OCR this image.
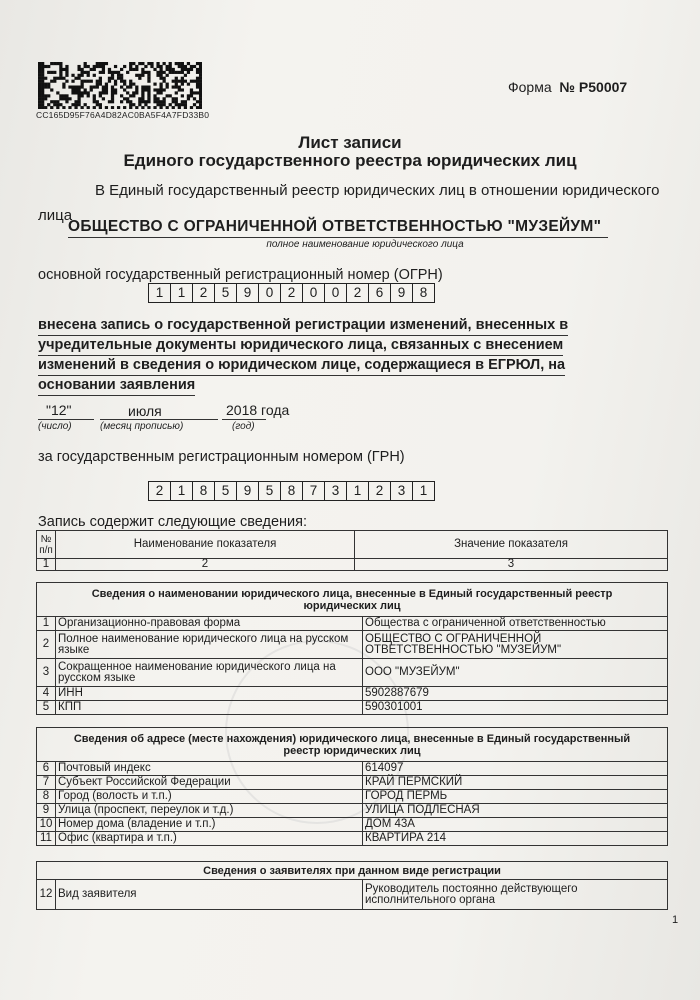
CC165D95F76A4D82AC0BA5F4A7FD33B0
Форма № Р50007
Лист записи
Единого государственного реестра юридических лиц
В Единый государственный реестр юридических лиц в отношении юридического
лица
ОБЩЕСТВО С ОГРАНИЧЕННОЙ ОТВЕТСТВЕННОСТЬЮ "МУЗЕЙУМ"
полное наименование юридического лица
основной государственный регистрационный номер (ОГРН)
1	1	2	5	9	0	2	0	0	2	6	9	8
внесена запись о государственной регистрации изменений, внесенных в
учредительные документы юридического лица, связанных с внесением
изменений в сведения о юридическом лице, содержащиеся в ЕГРЮЛ, на
основании заявления
"12"	июля	2018 года
(число)	(месяц прописью)	(год)
за государственным регистрационным номером (ГРН)
2	1	8	5	9	5	8	7	3	1	2	3	1
Запись содержит следующие сведения:
№
п/п	Наименование показателя	Значение показателя
1	2	3
Сведения о наименовании юридического лица, внесенные в Единый государственный реестр
юридических лиц		
1	Организационно-правовая форма	Общества с ограниченной ответственностью
2	Полное наименование юридического лица на русском языке	ОБЩЕСТВО С ОГРАНИЧЕННОЙ ОТВЕТСТВЕННОСТЬЮ "МУЗЕЙУМ"
3	Сокращенное наименование юридического лица на русском языке	ООО "МУЗЕЙУМ"
4	ИНН	5902887679
5	КПП	590301001
Сведения об адресе (месте нахождения) юридического лица, внесенные в Единый государственный
реестр юридических лиц		
6	Почтовый индекс	614097
7	Субъект Российской Федерации	КРАЙ ПЕРМСКИЙ
8	Город (волость и т.п.)	ГОРОД ПЕРМЬ
9	Улица (проспект, переулок и т.д.)	УЛИЦА ПОДЛЕСНАЯ
10	Номер дома (владение и т.п.)	ДОМ 43А
11	Офис (квартира и т.п.)	КВАРТИРА 214
Сведения о заявителях при данном виде регистрации
12	Вид заявителя	Руководитель постоянно действующего исполнительного органа
1
